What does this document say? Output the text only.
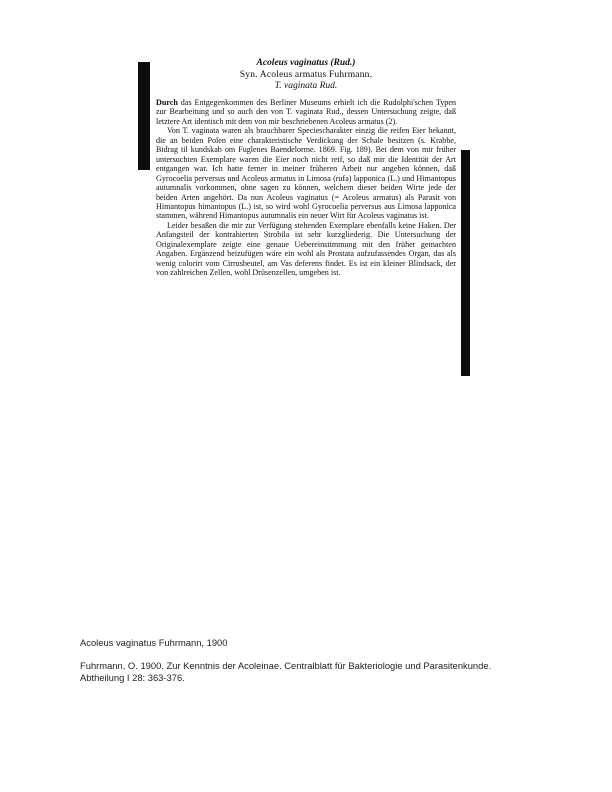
Acoleus vaginatus (Rud.)
Syn. Acoleus armatus Fuhrmann.
T. vaginata Rud.

Durch das Entgegenkommen des Berliner Museums erhielt ich die Rudolphi'schen Typen zur Bearbeitung und so auch den von T. vaginata Rud., dessen Untersuchung zeigte, daß letztere Art identisch mit dem von mir beschriebenen Acoleus armatus (2).

Von T. vaginata waren als brauchbarer Speciescharakter einzig die reifen Eier bekannt, die an beiden Polen eine charakteristische Verdickung der Schale besitzen (s. Krabbe, Bidrag til kundskab om Fuglenes Baendelorme. 1869. Fig. 189). Bei dem von mir früher untersuchten Exemplare waren die Eier noch nicht reif, so daß mir die Identität der Art entgangen war. Ich hatte ferner in meiner früheren Arbeit nur angeben können, daß Gyrocoelia perversus und Acoleus armatus in Limosa (rufa) lapponica (L.) und Himantopus autumnalis vorkommen, ohne sagen zu können, welchem dieser beiden Wirte jede der beiden Arten angehört. Da nun Acoleus vaginatus (= Acoleus armatus) als Parasit von Himantopus himantopus (L.) ist, so wird wohl Gyrocoelia perversus aus Limosa lapponica stammen, während Himantopus autumnalis ein neuer Wirt für Acoleus vaginatus ist.

Leider besaßen die mir zur Verfügung stehenden Exemplare ebenfalls keine Haken. Der Anfangsteil der kontrahierten Strobila ist sehr kurzgliederig. Die Untersuchung der Originalexemplare zeigte eine genaue Uebereinstimmung mit den früher gemachten Angaben. Ergänzend beizufügen wäre ein wohl als Prostata aufzufassendes Organ, das als wenig colorirt vom Cirrusbeutel, am Vas deferens findet. Es ist ein kleiner Blindsack, der von zahlreichen Zellen, wohl Drüsenzellen, umgeben ist.

Acoleus vaginatus Fuhrmann, 1900

Fuhrmann, O. 1900. Zur Kenntnis der Acoleinae. Centralblatt für Bakteriologie und Parasitenkunde.

Abtheilung I 28: 363-376.
